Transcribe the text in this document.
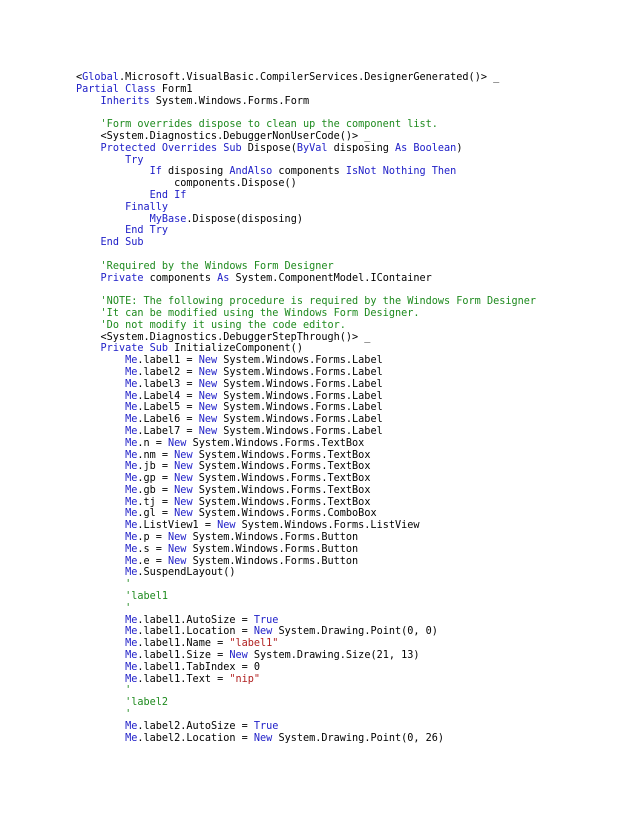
<Global.Microsoft.VisualBasic.CompilerServices.DesignerGenerated()> _
Partial Class Form1
Inherits System.Windows.Forms.Form
'Form overrides dispose to clean up the component list.
<System.Diagnostics.DebuggerNonUserCode()> _
Protected Overrides Sub Dispose(ByVal disposing As Boolean)
Try
If disposing AndAlso components IsNot Nothing Then
components.Dispose()
End If
Finally
MyBase.Dispose(disposing)
End Try
End Sub
'Required by the Windows Form Designer
Private components As System.ComponentModel.IContainer
'NOTE: The following procedure is required by the Windows Form Designer
'It can be modified using the Windows Form Designer.
'Do not modify it using the code editor.
<System.Diagnostics.DebuggerStepThrough()> _
Private Sub InitializeComponent()
Me.label1 = New System.Windows.Forms.Label
Me.label2 = New System.Windows.Forms.Label
Me.label3 = New System.Windows.Forms.Label
Me.Label4 = New System.Windows.Forms.Label
Me.Label5 = New System.Windows.Forms.Label
Me.Label6 = New System.Windows.Forms.Label
Me.Label7 = New System.Windows.Forms.Label
Me.n = New System.Windows.Forms.TextBox
Me.nm = New System.Windows.Forms.TextBox
Me.jb = New System.Windows.Forms.TextBox
Me.gp = New System.Windows.Forms.TextBox
Me.gb = New System.Windows.Forms.TextBox
Me.tj = New System.Windows.Forms.TextBox
Me.gl = New System.Windows.Forms.ComboBox
Me.ListView1 = New System.Windows.Forms.ListView
Me.p = New System.Windows.Forms.Button
Me.s = New System.Windows.Forms.Button
Me.e = New System.Windows.Forms.Button
Me.SuspendLayout()
'
'label1
'
Me.label1.AutoSize = True
Me.label1.Location = New System.Drawing.Point(0, 0)
Me.label1.Name = "label1"
Me.label1.Size = New System.Drawing.Size(21, 13)
Me.label1.TabIndex = 0
Me.label1.Text = "nip"
'
'label2
'
Me.label2.AutoSize = True
Me.label2.Location = New System.Drawing.Point(0, 26)
